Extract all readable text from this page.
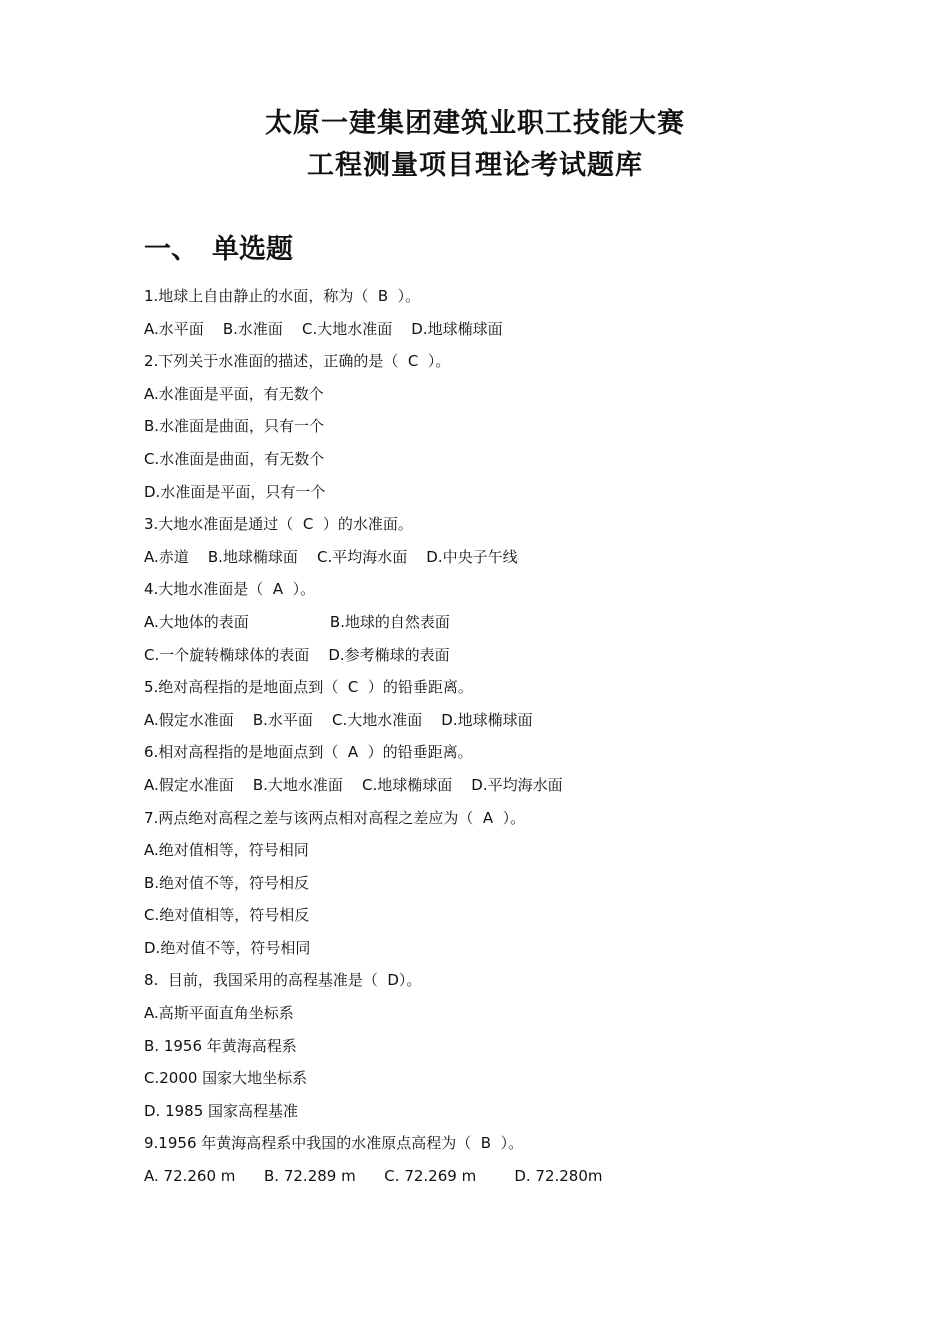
太原一建集团建筑业职工技能大赛
工程测量项目理论考试题库
一、 单选题
1.地球上自由静止的水面，称为（  B  ）。
A.水平面    B.水准面    C.大地水准面    D.地球椭球面
2.下列关于水准面的描述，正确的是（  C  ）。
A.水准面是平面，有无数个
B.水准面是曲面，只有一个
C.水准面是曲面，有无数个
D.水准面是平面，只有一个
3.大地水准面是通过（  C  ）的水准面。
A.赤道    B.地球椭球面    C.平均海水面    D.中央子午线
4.大地水准面是（  A  ）。
A.大地体的表面                 B.地球的自然表面
C.一个旋转椭球体的表面    D.参考椭球的表面
5.绝对高程指的是地面点到（  C  ）的铅垂距离。
A.假定水准面    B.水平面    C.大地水准面    D.地球椭球面
6.相对高程指的是地面点到（  A  ）的铅垂距离。
A.假定水准面    B.大地水准面    C.地球椭球面    D.平均海水面
7.两点绝对高程之差与该两点相对高程之差应为（  A  ）。
A.绝对值相等，符号相同
B.绝对值不等，符号相反
C.绝对值相等，符号相反
D.绝对值不等，符号相同
8.  目前，我国采用的高程基准是（  D）。
A.高斯平面直角坐标系
B. 1956 年黄海高程系
C.2000 国家大地坐标系
D. 1985 国家高程基准
9.1956 年黄海高程系中我国的水准原点高程为（  B  ）。
A. 72.260 m      B. 72.289 m      C. 72.269 m        D. 72.280m
